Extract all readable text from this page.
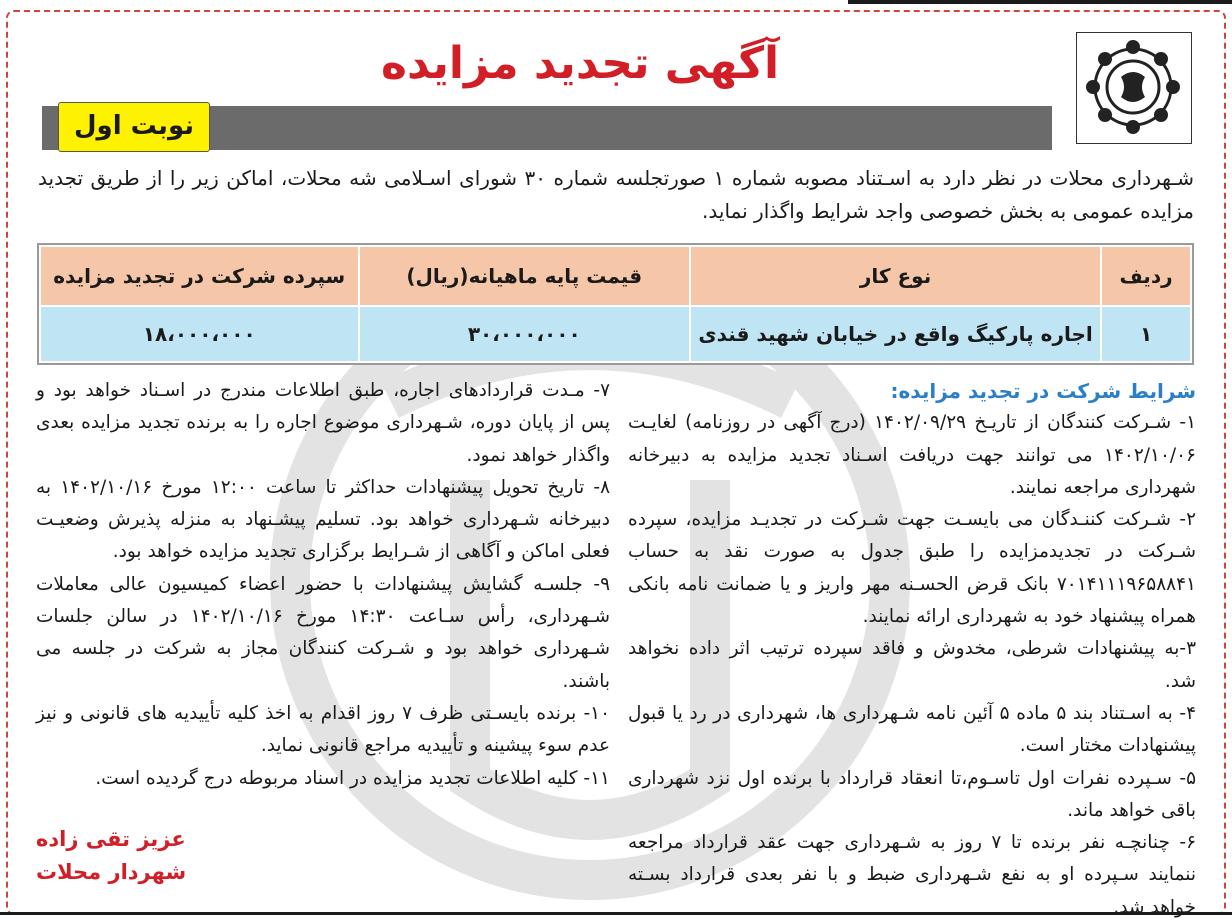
آگهی تجدید مزایده
نوبت اول
شـهرداری محلات در نظر دارد به اسـتناد مصوبه شماره ۱ صورتجلسه شماره ۳۰ شورای اسـلامی شه محلات، اماکن زیر را از طریق تجدید مزایده عمومی به بخش خصوصی واجد شرایط واگذار نماید.
ردیف	نوع کار	قیمت پایه ماهیانه(ریال)	سپرده شرکت در تجدید مزایده
۱	اجاره پارکیگ واقع در خیابان شهید قندی	۳۰،۰۰۰،۰۰۰	۱۸،۰۰۰،۰۰۰

شرایط شرکت در تجدید مزایده:

۱- شـرکت کنندگان از تاریـخ ۱۴۰۲/۰۹/۲۹ (درج آگهی در روزنامه) لغایـت ۱۴۰۲/۱۰/۰۶ می توانند جهت دریافت اسـناد تجدید مزایده به دبیرخانه شهرداری مراجعه نمایند.

۲- شـرکت کننـدگان می بایسـت جهت شـرکت در تجدیـد مزایده، سپرده شـرکت در تجدیدمزایده را طبق جدول به صورت نقد به حساب ۷۰۱۴۱۱۱۹۶۵۸۸۴۱ بانک قرض الحسـنه مهر واریز و یا ضمانت نامه بانکی همراه پیشنهاد خود به شهرداری ارائه نمایند.

۳-به پیشنهادات شرطی، مخدوش و فاقد سپرده ترتیب اثر داده نخواهد شد.

۴- به اسـتناد بند ۵ ماده ۵ آئین نامه شـهرداری ها، شهرداری در رد یا قبول پیشنهادات مختار است.

۵- سـپرده نفرات اول تاسـوم،تا انعقاد قرارداد با برنده اول نزد شهرداری باقی خواهد ماند.

۶- چنانچـه نفر برنده تا ۷ روز به شـهرداری جهت عقد قرارداد مراجعه ننمایند سـپرده او به نفع شـهرداری ضبط و با نفر بعدی قرارداد بسـته خواهد شد.

۷- مـدت قراردادهای اجاره، طبق اطلاعات مندرج در اسـناد خواهد بود و پس از پایان دوره، شـهرداری موضوع اجاره را به برنده تجدید مزایده بعدی واگذار خواهد نمود.

۸- تاریخ تحویل پیشنهادات حداکثر تا ساعت ۱۲:۰۰ مورخ ۱۴۰۲/۱۰/۱۶ به دبیرخانه شـهرداری خواهد بود. تسلیم پیشـنهاد به منزله پذیرش وضعیـت فعلی اماکن و آگاهی از شـرایط برگزاری تجدید مزایده خواهد بود.

۹- جلسـه گشایش پیشنهادات با حضور اعضاء کمیسیون عالی معاملات شـهرداری، رأس سـاعت ۱۴:۳۰ مورخ ۱۴۰۲/۱۰/۱۶ در سالن جلسات شـهرداری خواهد بود و شـرکت کنندگان مجاز به شرکت در جلسه می باشند.

۱۰- برنده بایسـتی ظرف ۷ روز اقدام به اخذ کلیه تأییدیه های قانونی و نیز عدم سوء پیشینه و تأییدیه مراجع قانونی نماید.

۱۱- کلیه اطلاعات تجدید مزایده در اسناد مربوطه درج گردیده است.

عزیز تقی زاده
شهردار محلات
